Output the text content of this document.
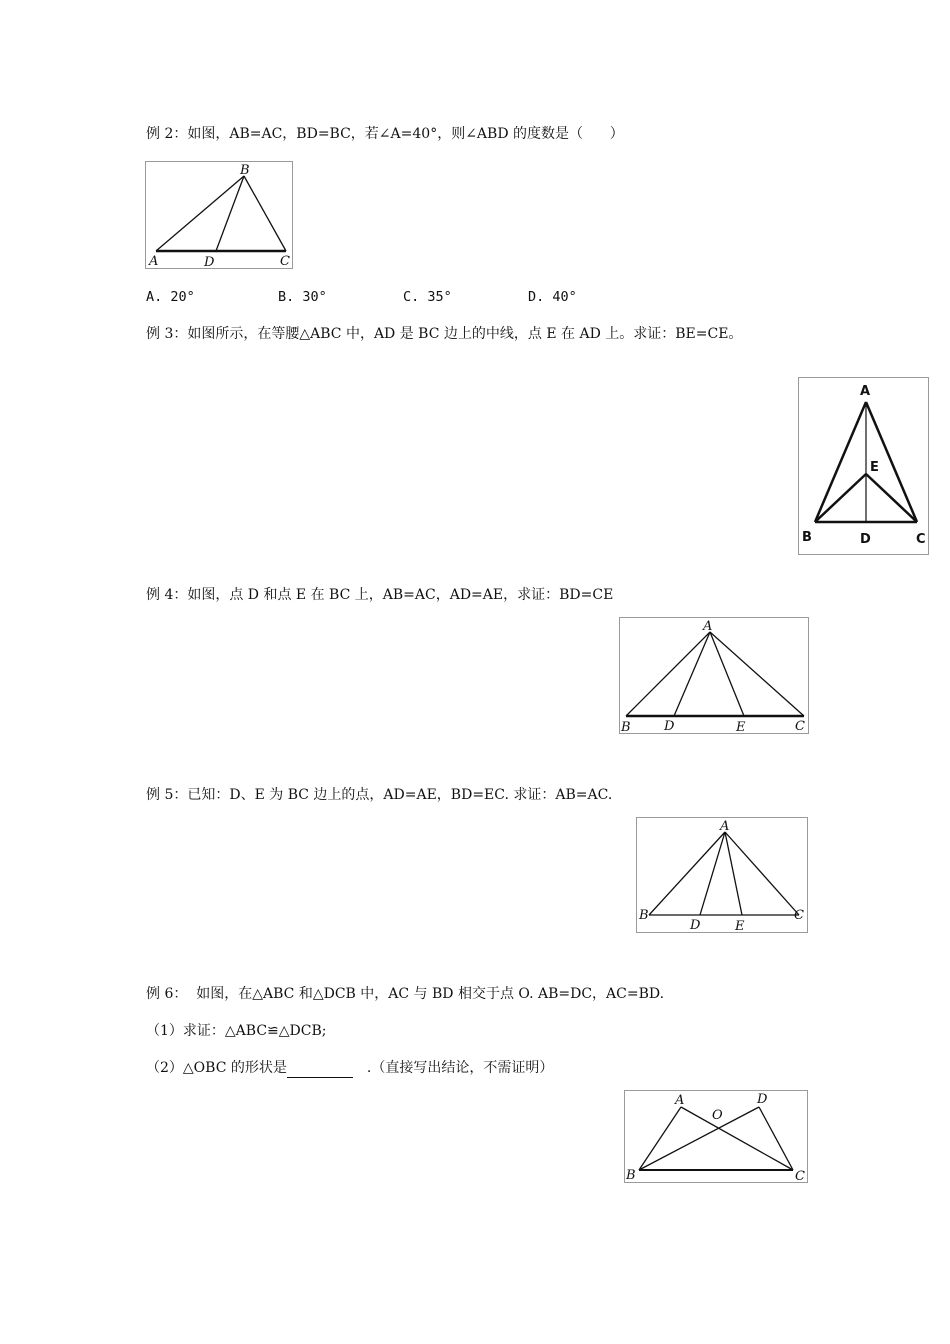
例 2：如图，AB=AC，BD=BC，若∠A=40°，则∠ABD 的度数是（      ）
B
A	D	C
A. 20°	B. 30°	C. 35°	D. 40°
例 3：如图所示，在等腰△ABC 中，AD 是 BC 边上的中线，点 E 在 AD 上。求证：BE=CE。
A
E
B	D	C
例 4：如图，点 D 和点 E 在 BC 上，AB=AC，AD=AE，求证：BD=CE
A
B	D	E	C
例 5：已知：D、E 为 BC 边上的点，AD=AE，BD=EC. 求证：AB=AC.
A
B
D	E
C
例 6：  如图，在△ABC 和△DCB 中，AC 与 BD 相交于点 O. AB=DC，AC=BD.
（1）求证：△ABC≌△DCB;
（2）△OBC 的形状是	.（直接写出结论，不需证明）
A
O
D
B	C
